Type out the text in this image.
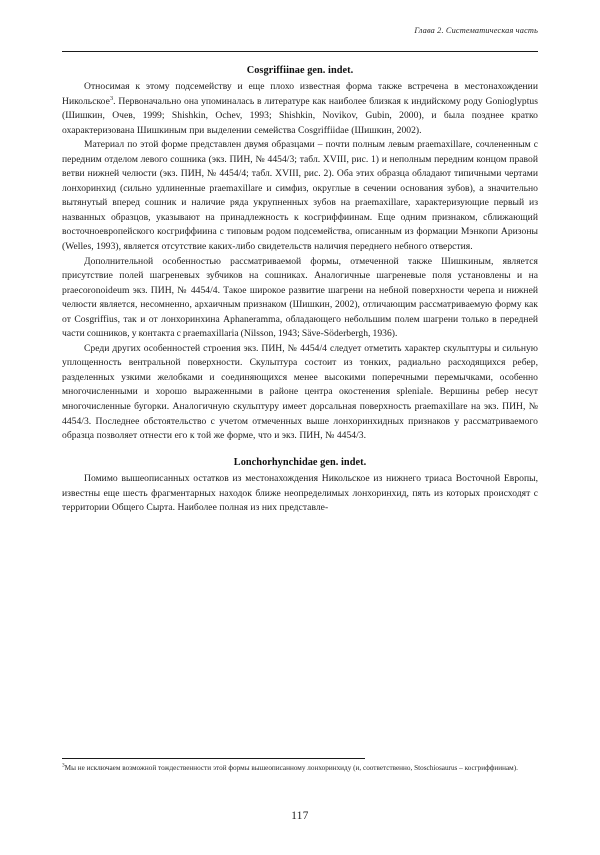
Глава 2. Систематическая часть
Cosgriffiinae gen. indet.

Относимая к этому подсемейству и еще плохо известная форма также встречена в местонахождении Никольское$^3$. Первоначально она упоминалась в литературе как наиболее близкая к индийскому роду Gonioglyptus (Шишкин, Очев, 1999; Shishkin, Ochev, 1993; Shishkin, Novikov, Gubin, 2000), и была позднее кратко охарактеризована Шишкиным при выделении семейства Cosgriffiidae (Шишкин, 2002).

Материал по этой форме представлен двумя образцами – почти полным левым praemaxillare, сочлененным с передним отделом левого сошника (экз. ПИН, № 4454/3; табл. XVIII, рис. 1) и неполным передним концом правой ветви нижней челюсти (экз. ПИН, № 4454/4; табл. XVIII, рис. 2). Оба этих образца обладают типичными чертами лонхоринхид (сильно удлиненные praemaxillare и симфиз, округлые в сечении основания зубов), а значительно вытянутый вперед сошник и наличие ряда укрупненных зубов на praemaxillare, характеризующие первый из названных образцов, указывают на принадлежность к косгриффиинам. Еще одним признаком, сближающий восточноевропейского косгриффиина с типовым родом подсемейства, описанным из формации Мэнкопи Аризоны (Welles, 1993), является отсутствие каких-либо свидетельств наличия переднего небного отверстия.

Дополнительной особенностью рассматриваемой формы, отмеченной также Шишкиным, является присутствие полей шагреневых зубчиков на сошниках. Аналогичные шагреневые поля установлены и на praecoronoideum экз. ПИН, № 4454/4. Такое широкое развитие шагрени на небной поверхности черепа и нижней челюсти является, несомненно, архаичным признаком (Шишкин, 2002), отличающим рассматриваемую форму как от Cosgriffius, так и от лонхоринхина Aphaneramma, обладающего небольшим полем шагрени только в передней части сошников, у контакта с praemaxillaria (Nilsson, 1943; Säve-Söderbergh, 1936).

Среди других особенностей строения экз. ПИН, № 4454/4 следует отметить характер скульптуры и сильную уплощенность вентральной поверхности. Скульптура состоит из тонких, радиально расходящихся ребер, разделенных узкими желобками и соединяющихся менее высокими поперечными перемычками, особенно многочисленными и хорошо выраженными в районе центра окостенения spleniale. Вершины ребер несут многочисленные бугорки. Аналогичную скульптуру имеет дорсальная поверхность praemaxillare на экз. ПИН, № 4454/3. Последнее обстоятельство с учетом отмеченных выше лонхоринхидных признаков у рассматриваемого образца позволяет отнести его к той же форме, что и экз. ПИН, № 4454/3.

Lonchorhynchidae gen. indet.

Помимо вышеописанных остатков из местонахождения Никольское из нижнего триаса Восточной Европы, известны еще шесть фрагментарных находок ближе неопределимых лонхоринхид, пять из которых происходят с территории Общего Сырта. Наиболее полная из них представле-

$^3$Мы не исключаем возможной тождественности этой формы вышеописанному лонхоринхиду (и, соответственно, Stoschiosaurus – косгриффиинам).

117
